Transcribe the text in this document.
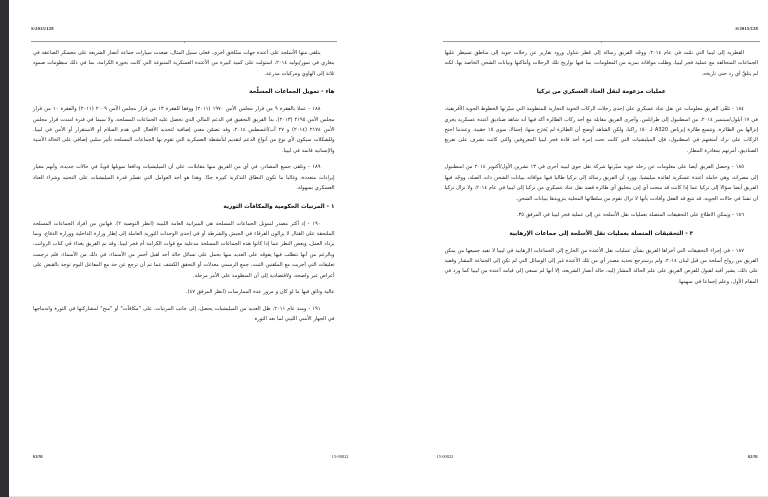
S/2015/128

القطرية إلى ليبيا التي تمّت في عام ٢٠١٤. ووجّه الفريق رسالة إلى قطر تتناول ورود تقارير عن رحلات جوية إلى مناطق تسيطر عليها الجماعات المتحالفة مع عملية فجر ليبيا، وطلب موافاته بمزيد من المعلومات، بما فيها تواريخ تلك الرحلات وأماكنها وبيانات الشحن الخاصة بها. لكنه لم يتلقَّ أي رد حتى تاريخه.

عمليات مزعومة لنقل العتاد العسكري من تركيا

١٨٤ - تلقّى الفريق معلومات عن نقل عتاد عسكري على إحدى رحلات الركاب الجوية التجارية للمنظومة التي سيّرتها الخطوط الجوية الأفريقية، في ١٧ أيلول/سبتمبر ٢٠١٤، من اسطنبول إلى طرابلس. وأجرى الفريق مقابلة مع أحد ركاب الطائرة أكد فيها أنه شاهد صناديق أعتدة عسكرية يجري إنزالها من الطائرة. وتتسع طائرة إيرباص A320 لـ ١٥٠ راكبا، ولكن الشاهد أوضح أن الطائرة لم يُخرَج منها، إجمالا، سوى ١٥ حقيبة. وعندما احتج الركاب على ترك أمتعتهم في اسطنبول، فإن الميليشيات التي كانت تحت إمرة أحد قادة فجر ليبيا المعروفين والتي كانت تشرف على تفريغ الصناديق، أمرتهم بمغادرة المطار.

١٨٥ - وحصل الفريق أيضا على معلومات عن رحلة جوية سيّرتها شركة نقل جوي ليبية أخرى في ١٣ تشرين الأول/أكتوبر ٢٠١٤ من اسطنبول إلى مصراتة، وهي حاملة أعتدة عسكرية لفائدة ميليشيا. وورد أن الفريق رسالة إلى تركيا طالبا فيها موافاته ببيانات الشحن ذات الصلة، ووجّه فيها الفريق أيضا سؤالا إلى تركيا عما إذا كانت قد منحت أي إذن بتحليق أي طائرة قصد نقل عتاد عسكري من تركيا إلى ليبيا في عام ٢٠١٤، ولا تزال تركيا أن تشدّ في حالات الجوية، قد تتبع قد الفعل وأفادت بأنها لا تزال تقوم من سلطاتها المحلية بتزويدها ببيانات الشحن.

١٨٦ - ويمكن الاطلاع على التحقيقات المتصلة بعمليات نقل الأسلحة عن إلى عملية فجر ليبيا في المرفق ٣٥.

٣ - التحقيقات المتصلة بعمليات نقل الأسلحة إلى جماعات الإرهابية

١٨٧ - في إجراء التحقيقات التي أجراها الفريق بشأن عمليات نقل الأعتدة من الخارج إلى الجماعات الإرهابية في ليبيا لا تفيد جميعها من يمكن الفريق من رواج أسلحة من قبل لبنان ٢٠١٤، ولم يرسترجع تحديد مصدر أي من تلك الأعتدة غير إلى الوسائل التي لم تكن إلى الجماعة المشار وقفية على ذلك، يشير أفيد لقبول للفرص الفريق على علم الحالة المشار إليه، حالة أنصار الشريعة، إلا أنها لم تسعى إلى قيامه أعتدة من ليبيا كما ورد في المقام الأول، وعلم إجماعا في سهمها.

15-00822	62/91
S/2015/128

يتلقى منها الأسلحة على أعتدة جهات ستُلحَق أخرى. فعلى سبيل المثال، صعدت سيارات جماعة أنصار الشريعة على معسكر الصاعقة في بنغازي في تموز/يوليه ٢٠١٤، استولت على كمية كبيرة من الأعتدة العسكرية المتنوعة التي كانت بحوزة الكرامة، بما في ذلك منظومات صمود ثلاثة إلى الهاوي ومركبات مدرعة.

هاء - تمويل الجماعات المسلّحة

١٨٨ - عملا بالفقرة ٩ من قرار مجلس الأمن ١٩٧٠ (٢٠١١) ووفقا للفقرة ١٣ من قرار مجلس الأمن ٢٠٠٩ (٢٠١١) والفقرة ١٠ من قرار مجلس الأمن ٢١٩٥ (٢٠١٣)، بدأ الفريق التحقيق في الدعم المالي الذي تحصل عليه الجماعات المسلحة، ولا سيما في فترة امتدت قرار مجلس الأمن ٢١٧٤ (٢٠١٤) و ٢٧ آب/أغسطس ٢٠١٤، وقد تضمّن معني إضافية لتحديد الأفعال التي هدم السلام أو الاستقرار أو الأمن في ليبيا. وللشكلات سيكون لأي نوع من أنواع الدعم لتقديم لتأنشطة العسكرية التي تقوم بها الجماعات المسلحة تأثير سلبي إضافي على الحالة الأمنية والإنسانية قاتمة في ليبيا.

١٨٩ - وتلقى جميع المصادر، في أي من الفريق منها مقابلات، على أن الميليشيات ودافعا تمويلها قويةً في حالات جديدة، وأنهم معيار إيرادات متعددة، وغالبا ما تكون النطاق التذكرية كبيرة جدّا. وهذا هو أحد العوامل التي تفسّر قدرة الميليشيات على التجنيد وشراء العتاد العسكري بسهولة.

١ - المرتبات الحكومية والمكافآت الثورية

١٩٠ - إذ أكثر مصدر لتمويل الجماعات المسلحة هي الميزانية العامة الليبية (انظر التوصية ٢). فهاتين من أفراد الجماعات المسلحة الملتحقة على القتال لا يزالون الفرقاء في الجيش والشرطة أو في إحدى الوحدات الثورية العاملة إلى إطار وزارة الداخلية ووزارة الدفاع، وبما يزداد العمل، وبعض النظر عما إذا كانوا هذه الجماعات المسلحة مدعلية مع قوات الكرامة أم فجر ليبيا. وقد تم الفريق بغداء في كتاب الرواتب، وبالرغم من أنها تتطلب فيها يفوقه على العديد منها بحمل على تسائل حالة أحد لقبل أحمر من الأسماء، في ذلك من الأسماء. فلم ترجمت تعليقات التي أجريت مع الملقنين الثبت، جمع الرسمي معدلات أو التحقق الكشف عما تم أن ترجع عن حد مع المفاعل اليوم توجد بالقبض على أعراض غير واضحة، ولاقتصادية إلى أن المنظومة على الأمر مرحلة.

عالية وثائق فيها ما لو كان و مرور عدة الممارسات (انظر المرفق ٤٧).

١٩١ - ومنذ عام ٢٠١١، ظل العديد من الميليشيات يحصل، إلى جانب المرتبات، على "مكافآت" أو "منح" لمشاركتها في الثورة واندماجها في الجهاز الأمني الليبي لما بعد الثورة

15-00822
63/91
